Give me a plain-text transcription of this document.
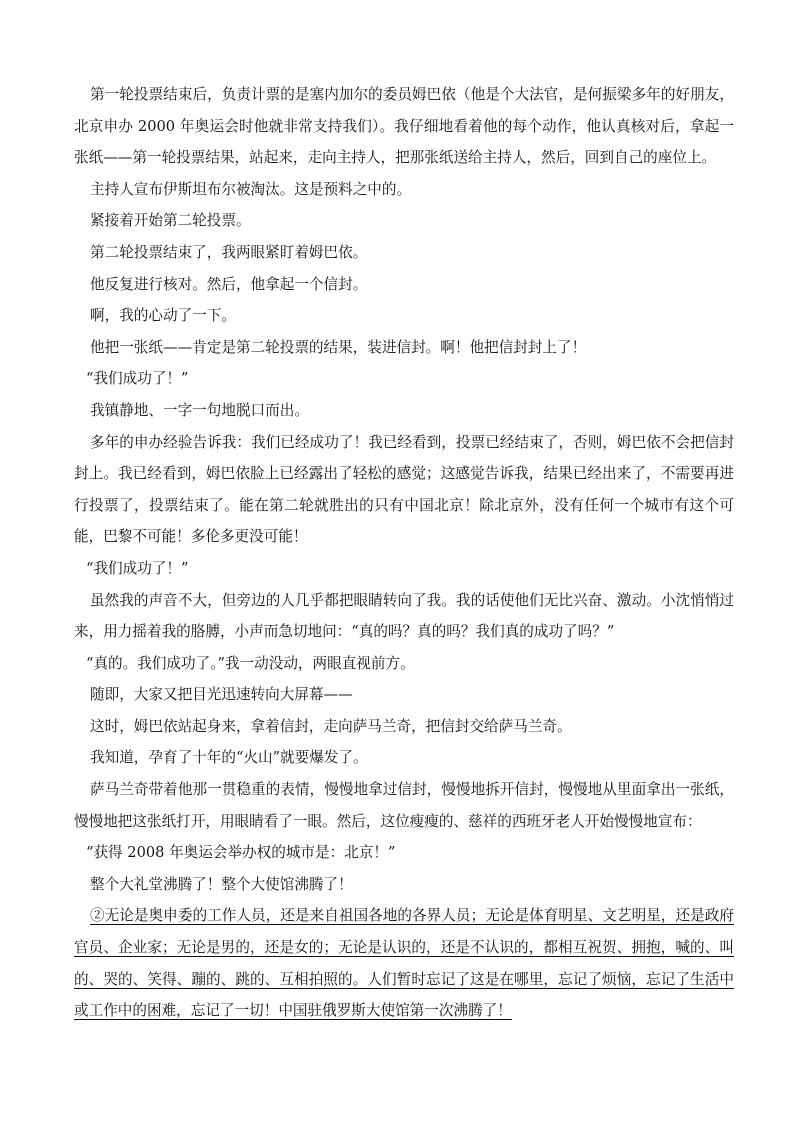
第一轮投票结束后，负责计票的是塞内加尔的委员姆巴依（他是个大法官，是何振梁多年的好朋友，北京申办 2000 年奥运会时他就非常支持我们）。我仔细地看着他的每个动作，他认真核对后，拿起一张纸——第一轮投票结果，站起来，走向主持人，把那张纸送给主持人，然后，回到自己的座位上。

主持人宣布伊斯坦布尔被淘汰。这是预料之中的。

紧接着开始第二轮投票。

第二轮投票结束了，我两眼紧盯着姆巴依。

他反复进行核对。然后，他拿起一个信封。

啊，我的心动了一下。

他把一张纸——肯定是第二轮投票的结果，装进信封。啊！他把信封封上了！

“我们成功了！”

我镇静地、一字一句地脱口而出。

多年的申办经验告诉我：我们已经成功了！我已经看到，投票已经结束了，否则，姆巴依不会把信封封上。我已经看到，姆巴依脸上已经露出了轻松的感觉；这感觉告诉我，结果已经出来了，不需要再进行投票了，投票结束了。能在第二轮就胜出的只有中国北京！除北京外，没有任何一个城市有这个可能，巴黎不可能！多伦多更没可能！

“我们成功了！”

虽然我的声音不大，但旁边的人几乎都把眼睛转向了我。我的话使他们无比兴奋、激动。小沈悄悄过来，用力摇着我的胳膊，小声而急切地问：“真的吗？真的吗？我们真的成功了吗？”

“真的。我们成功了。”我一动没动，两眼直视前方。

随即，大家又把目光迅速转向大屏幕——

这时，姆巴依站起身来，拿着信封，走向萨马兰奇，把信封交给萨马兰奇。

我知道，孕育了十年的“火山”就要爆发了。

萨马兰奇带着他那一贯稳重的表情，慢慢地拿过信封，慢慢地拆开信封，慢慢地从里面拿出一张纸，慢慢地把这张纸打开，用眼睛看了一眼。然后，这位瘦瘦的、慈祥的西班牙老人开始慢慢地宣布：

“获得 2008 年奥运会举办权的城市是：北京！”

整个大礼堂沸腾了！整个大使馆沸腾了！

②无论是奥申委的工作人员，还是来自祖国各地的各界人员；无论是体育明星、文艺明星，还是政府官员、企业家；无论是男的，还是女的；无论是认识的，还是不认识的，都相互祝贺、拥抱，喊的、叫的、哭的、笑得、蹦的、跳的、互相拍照的。人们暂时忘记了这是在哪里，忘记了烦恼，忘记了生活中或工作中的困难，忘记了一切！中国驻俄罗斯大使馆第一次沸腾了！
